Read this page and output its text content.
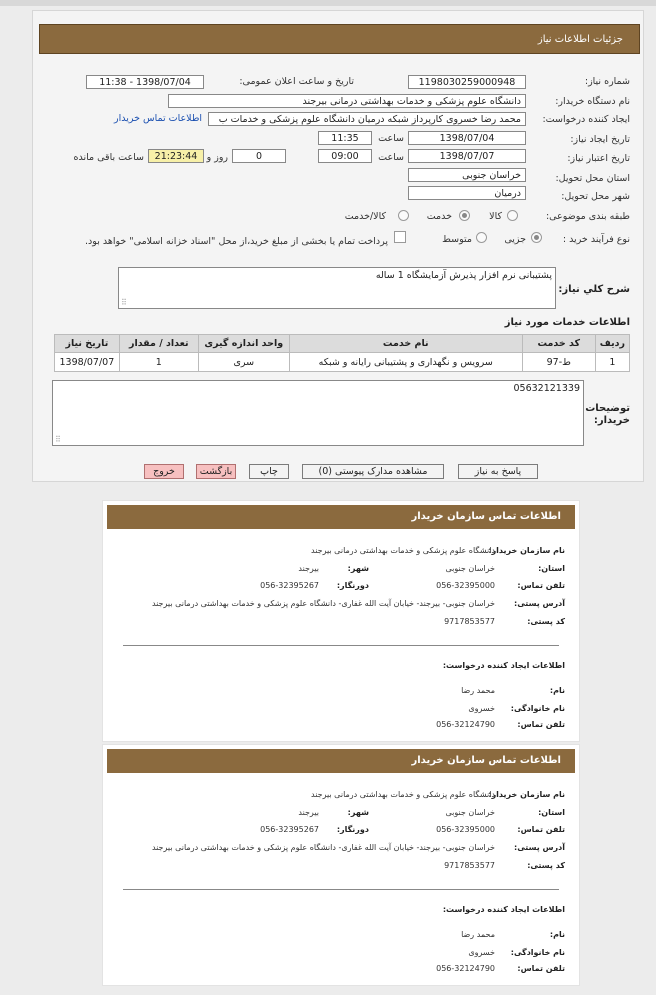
جزئیات اطلاعات نیاز
شماره نیاز:
1198030259000948
تاریخ و ساعت اعلان عمومی:
1398/07/04 - 11:38
نام دستگاه خریدار:
دانشگاه علوم پزشکی و خدمات بهداشتی درمانی بیرجند
ایجاد کننده درخواست:
محمد رضا خسروی کارپرداز شبکه درمیان دانشگاه علوم پزشکی و خدمات ب
اطلاعات تماس خریدار
تاریخ ایجاد نیاز:
1398/07/04
ساعت
11:35
تاریخ اعتبار نیاز:
1398/07/07
ساعت
09:00
0
روز و
21:23:44
ساعت باقی مانده
استان محل تحویل:
خراسان جنوبی
شهر محل تحویل:
درمیان
طبقه بندی موضوعی:
کالا
خدمت
کالا/خدمت
نوع فرآیند خرید :
جزیی
متوسط
پرداخت تمام یا بخشی از مبلغ خرید،از محل "اسناد خزانه اسلامی" خواهد بود.
شرح کلي نياز:
پشتیبانی نرم افزار پذیرش آزمایشگاه 1 ساله
⠿
اطلاعات خدمات مورد نیاز
ردیف	کد خدمت	نام خدمت	واحد اندازه گیری	تعداد / مقدار	تاریخ نیاز
1	ط-97	سرویس و نگهداری و پشتیبانی رایانه و شبکه	سری	1	1398/07/07
توضیحات خریدار:
05632121339
⠿
پاسخ به نیاز
مشاهده مدارک پیوستی (0)
چاپ
بازگشت
خروج
اطلاعات تماس سازمان خریدار
نام سازمان خریدار:
دانشگاه علوم پزشکی و خدمات بهداشتی درمانی بیرجند
استان:
خراسان جنوبی
شهر:
بیرجند
تلفن تماس:
056-32395000
دورنگار:
056-32395267
آدرس پستی:
خراسان جنوبی- بیرجند- خیابان آیت الله غفاری- دانشگاه علوم پزشکی و خدمات بهداشتی درمانی بیرجند
کد پستی:
9717853577
اطلاعات ایجاد کننده درخواست:
نام:
محمد رضا
نام خانوادگی:
خسروی
تلفن تماس:
056-32124790
اطلاعات تماس سازمان خریدار
نام سازمان خریدار:
دانشگاه علوم پزشکی و خدمات بهداشتی درمانی بیرجند
استان:
خراسان جنوبی
شهر:
بیرجند
تلفن تماس:
056-32395000
دورنگار:
056-32395267
آدرس پستی:
خراسان جنوبی- بیرجند- خیابان آیت الله غفاری- دانشگاه علوم پزشکی و خدمات بهداشتی درمانی بیرجند
کد پستی:
9717853577
اطلاعات ایجاد کننده درخواست:
نام:
محمد رضا
نام خانوادگی:
خسروی
تلفن تماس:
056-32124790
